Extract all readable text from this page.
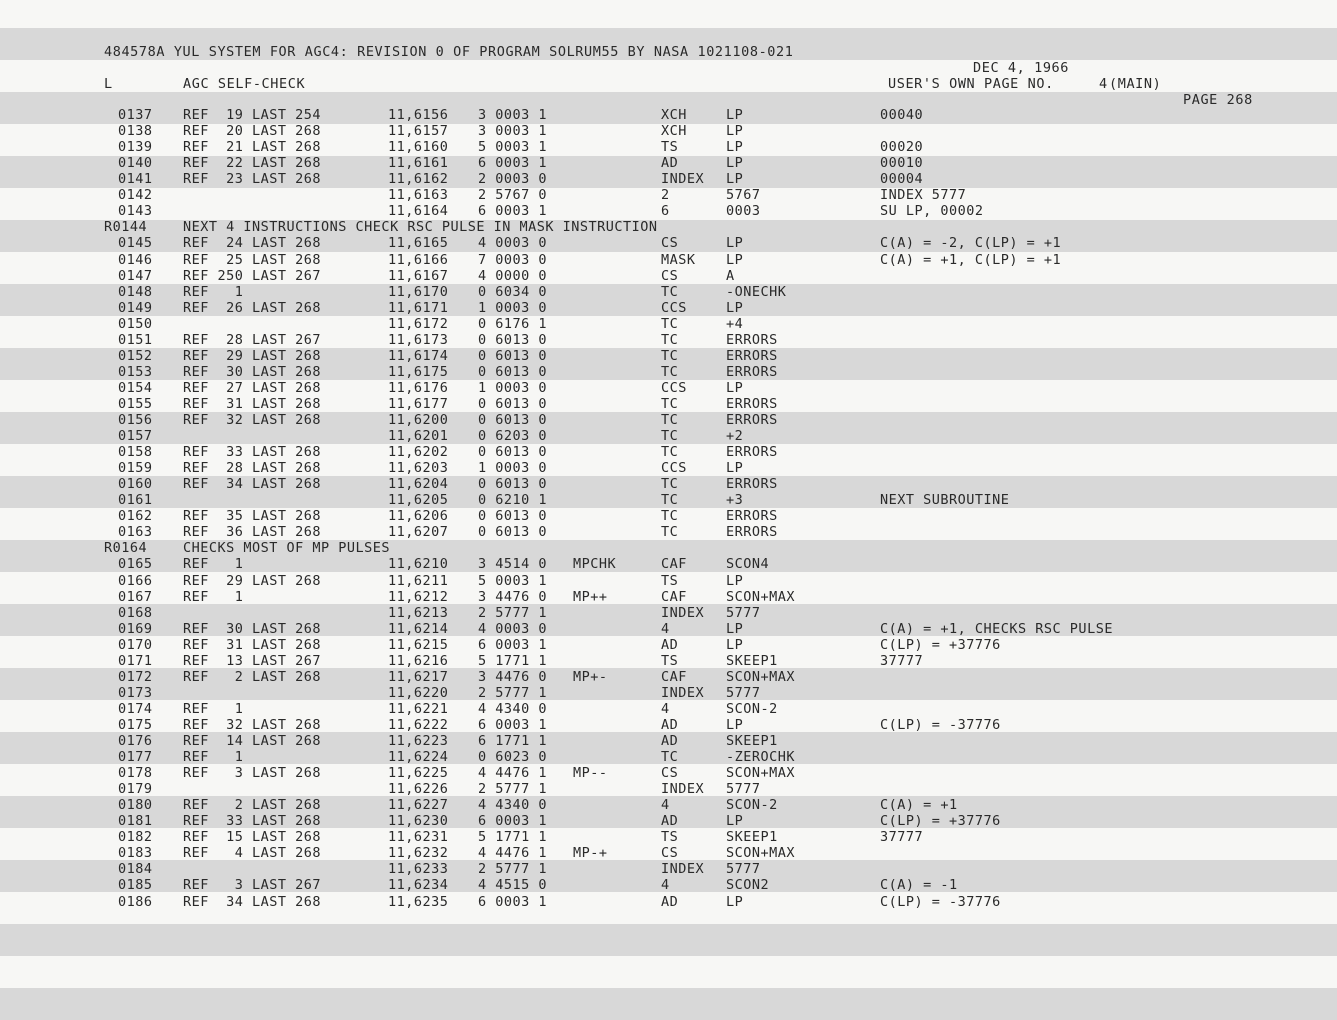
484578A YUL SYSTEM FOR AGC4: REVISION 0 OF PROGRAM SOLRUM55 BY NASA 1021108-021

DEC 4, 1966

(MAIN)

PAGE 268

L	AGC SELF-CHECK	USER'S OWN PAGE NO.	4
0137 REF  19 LAST 254	11,6156 3 0003 1	XCH	LP	00040
0138 REF  20 LAST 268	11,6157 3 0003 1	XCH	LP
0139 REF  21 LAST 268	11,6160 5 0003 1	TS	LP	00020
0140 REF  22 LAST 268	11,6161 6 0003 1	AD	LP	00010
0141 REF  23 LAST 268	11,6162 2 0003 0	INDEX LP	00004
0142	11,6163 2 5767 0	2	5767	INDEX 5777
0143	11,6164 6 0003 1	6	0003	SU LP, 00002
R0144	NEXT 4 INSTRUCTIONS CHECK RSC PULSE IN MASK INSTRUCTION
0145 REF  24 LAST 268	11,6165 4 0003 0	CS	LP	C(A) = -2, C(LP) = +1
0146 REF  25 LAST 268	11,6166 7 0003 0	MASK LP	C(A) = +1, C(LP) = +1
0147 REF 250 LAST 267	11,6167 4 0000 0	CS	A
0148 REF   1	11,6170 0 6034 0	TC	-ONECHK
0149 REF  26 LAST 268	11,6171 1 0003 0	CCS	LP
0150	11,6172 0 6176 1	TC	+4
0151 REF  28 LAST 267	11,6173 0 6013 0	TC	ERRORS
0152 REF  29 LAST 268	11,6174 0 6013 0	TC	ERRORS
0153 REF  30 LAST 268	11,6175 0 6013 0	TC	ERRORS
0154 REF  27 LAST 268	11,6176 1 0003 0	CCS	LP
0155 REF  31 LAST 268	11,6177 0 6013 0	TC	ERRORS
0156 REF  32 LAST 268	11,6200 0 6013 0	TC	ERRORS
0157	11,6201 0 6203 0	TC	+2
0158 REF  33 LAST 268	11,6202 0 6013 0	TC	ERRORS
0159 REF  28 LAST 268	11,6203 1 0003 0	CCS	LP
0160 REF  34 LAST 268	11,6204 0 6013 0	TC	ERRORS
0161	11,6205 0 6210 1	TC	+3	NEXT SUBROUTINE
0162 REF  35 LAST 268	11,6206 0 6013 0	TC	ERRORS
0163 REF  36 LAST 268	11,6207 0 6013 0	TC	ERRORS
R0164	CHECKS MOST OF MP PULSES
0165 REF   1	11,6210 3 4514 0 MPCHK	CAF	SCON4
0166 REF  29 LAST 268	11,6211 5 0003 1	TS	LP
0167 REF   1	11,6212 3 4476 0 MP++	CAF	SCON+MAX
0168	11,6213 2 5777 1	INDEX 5777
0169 REF  30 LAST 268	11,6214 4 0003 0	4	LP	C(A) = +1, CHECKS RSC PULSE
0170 REF  31 LAST 268	11,6215 6 0003 1	AD	LP	C(LP) = +37776
0171 REF  13 LAST 267	11,6216 5 1771 1	TS	SKEEP1	37777
0172 REF   2 LAST 268	11,6217 3 4476 0 MP+-	CAF	SCON+MAX
0173	11,6220 2 5777 1	INDEX 5777
0174 REF   1	11,6221 4 4340 0	4	SCON-2
0175 REF  32 LAST 268	11,6222 6 0003 1	AD	LP	C(LP) = -37776
0176 REF  14 LAST 268	11,6223 6 1771 1	AD	SKEEP1
0177 REF   1	11,6224 0 6023 0	TC	-ZEROCHK
0178 REF   3 LAST 268	11,6225 4 4476 1 MP--	CS	SCON+MAX
0179	11,6226 2 5777 1	INDEX 5777
0180 REF   2 LAST 268	11,6227 4 4340 0	4	SCON-2	C(A) = +1
0181 REF  33 LAST 268	11,6230 6 0003 1	AD	LP	C(LP) = +37776
0182 REF  15 LAST 268	11,6231 5 1771 1	TS	SKEEP1	37777
0183 REF   4 LAST 268	11,6232 4 4476 1 MP-+	CS	SCON+MAX
0184	11,6233 2 5777 1	INDEX 5777
0185 REF   3 LAST 267	11,6234 4 4515 0	4	SCON2	C(A) = -1
0186 REF  34 LAST 268	11,6235 6 0003 1	AD	LP	C(LP) = -37776
